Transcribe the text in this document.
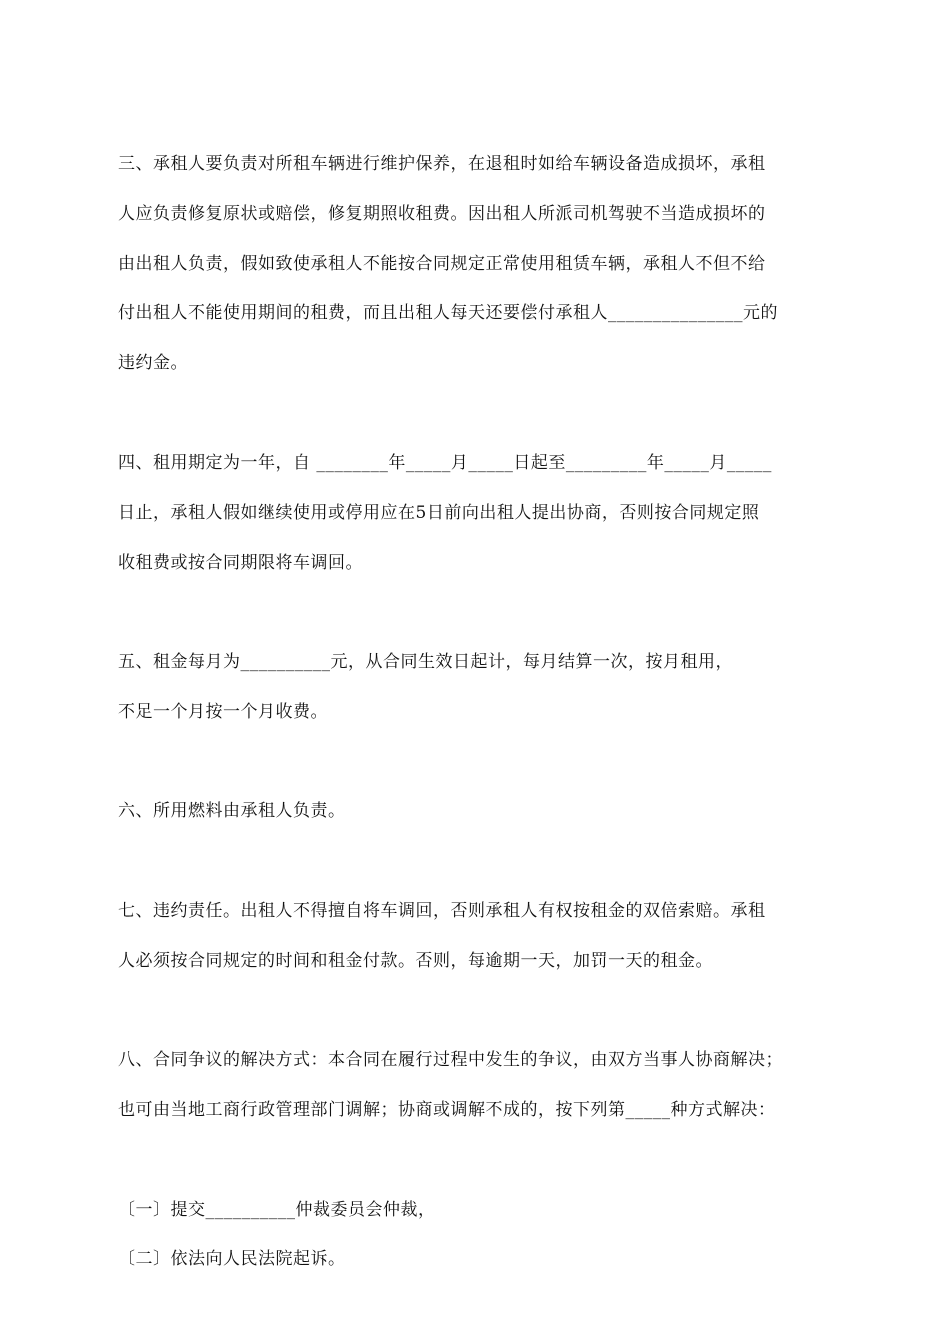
三、承租人要负责对所租车辆进行维护保养，在退租时如给车辆设备造成损坏，承租
人应负责修复原状或赔偿，修复期照收租费。因出租人所派司机驾驶不当造成损坏的
由出租人负责，假如致使承租人不能按合同规定正常使用租赁车辆，承租人不但不给
付出租人不能使用期间的租费，而且出租人每天还要偿付承租人_______________元的
违约金。
四、租用期定为一年，自 ________年_____月_____日起至_________年_____月_____
日止，承租人假如继续使用或停用应在5日前向出租人提出协商，否则按合同规定照
收租费或按合同期限将车调回。
五、租金每月为__________元，从合同生效日起计，每月结算一次，按月租用，
不足一个月按一个月收费。
六、所用燃料由承租人负责。
七、违约责任。出租人不得擅自将车调回，否则承租人有权按租金的双倍索赔。承租
人必须按合同规定的时间和租金付款。否则，每逾期一天，加罚一天的租金。
八、合同争议的解决方式：本合同在履行过程中发生的争议，由双方当事人协商解决；
也可由当地工商行政管理部门调解；协商或调解不成的，按下列第_____种方式解决：
〔一〕提交__________仲裁委员会仲裁，
〔二〕依法向人民法院起诉。
